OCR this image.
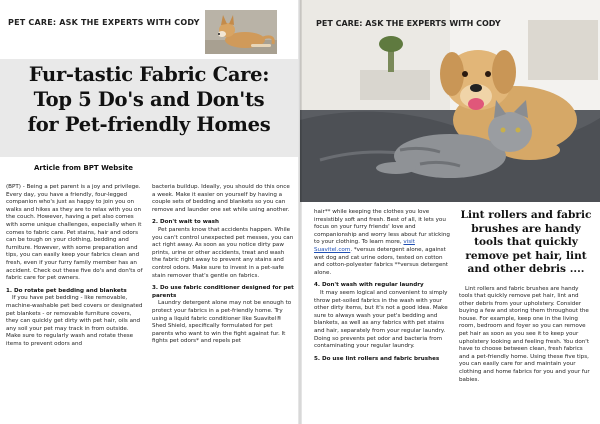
PET CARE: ASK THE EXPERTS WITH CODY
Fur-tastic Fabric Care:
Top 5 Do's and Don'ts
for Pet-friendly Homes
Article from BPT Website

(BPT) - Being a pet parent is a joy and privilege. Every day, you have a friendly, four-legged companion who's just as happy to join you on walks and hikes as they are to relax with you on the couch. However, having a pet also comes with some unique challenges, especially when it comes to fabric care. Pet stains, hair and odors can be tough on your clothing, bedding and furniture. However, with some preparation and tips, you can easily keep your fabrics clean and fresh, even if your furry family member has an accident. Check out these five do's and don'ts of fabric care for pet owners.

1. Do rotate pet bedding and blankets

If you have pet bedding - like removable, machine-washable pet bed covers or designated pet blankets - or removable furniture covers, they can quickly get dirty with pet hair, oils and any soil your pet may track in from outside. Make sure to regularly wash and rotate these items to prevent odors and

bacteria buildup. Ideally, you should do this once a week. Make it easier on yourself by having a couple sets of bedding and blankets so you can remove and launder one set while using another.

2. Don't wait to wash

Pet parents know that accidents happen. While you can't control unexpected pet messes, you can act right away. As soon as you notice dirty paw prints, urine or other accidents, treat and wash the fabric right away to prevent any stains and control odors. Make sure to invest in a pet-safe stain remover that's gentle on fabrics.

3. Do use fabric conditioner designed for pet parents

Laundry detergent alone may not be enough to protect your fabrics in a pet-friendly home. Try using a liquid fabric conditioner like Suavitel® Shed Shield, specifically formulated for pet parents who want to win the fight against fur. It fights pet odors* and repels pet

PET CARE: ASK THE EXPERTS WITH CODY

hair** while keeping the clothes you love irresistibly soft and fresh. Best of all, it lets you focus on your furry friends' love and companionship and worry less about fur sticking to your clothing. To learn more, visit Suavitel.com. *versus detergent alone, against wet dog and cat urine odors, tested on cotton and cotton-polyester fabrics **versus detergent alone.

4. Don't wash with regular laundry

It may seem logical and convenient to simply throw pet-soiled fabrics in the wash with your other dirty items, but it's not a good idea. Make sure to always wash your pet's bedding and blankets, as well as any fabrics with pet stains and hair, separately from your regular laundry. Doing so prevents pet odor and bacteria from contaminating your regular laundry.

5. Do use lint rollers and fabric brushes

Lint rollers and fabric brushes are handy tools that quickly remove pet hair, lint and other debris ....

Lint rollers and fabric brushes are handy tools that quickly remove pet hair, lint and other debris from your upholstery. Consider buying a few and storing them throughout the house. For example, keep one in the living room, bedroom and foyer so you can remove pet hair as soon as you see it to keep your upholstery looking and feeling fresh. You don't have to choose between clean, fresh fabrics and a pet-friendly home. Using these five tips, you can easily care for and maintain your clothing and home fabrics for you and your fur babies.
